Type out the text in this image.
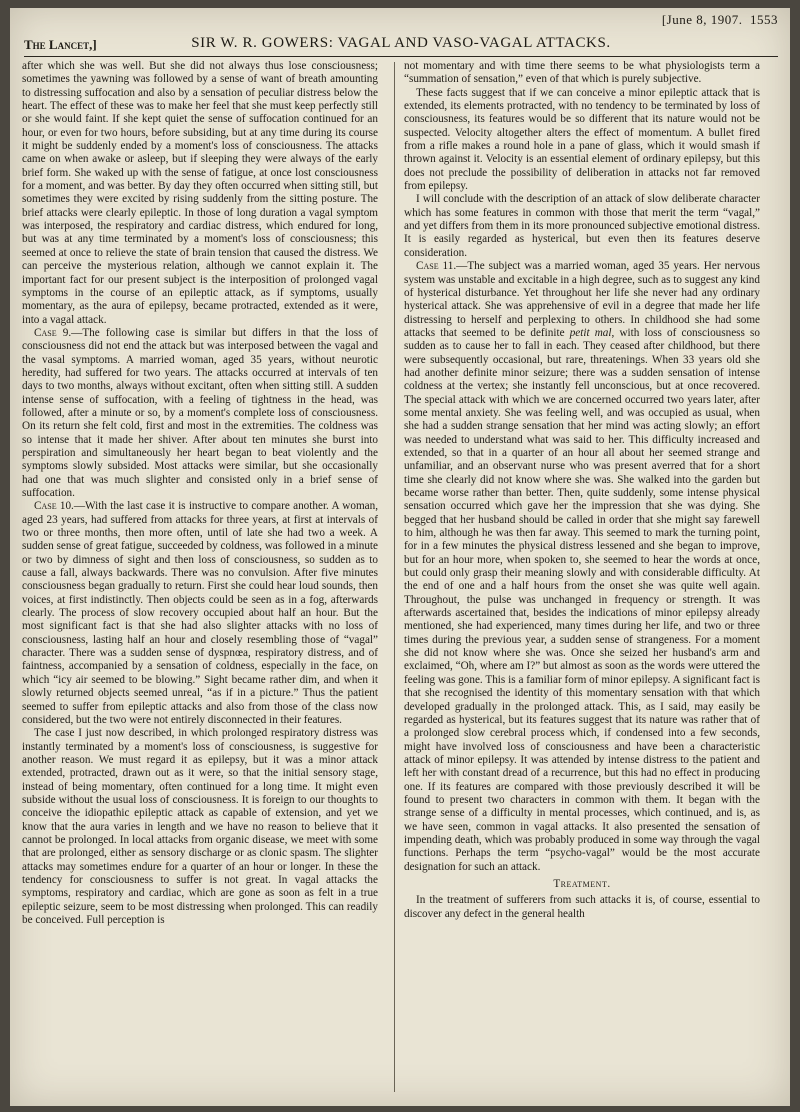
[June 8, 1907. 1553
The Lancet,]	SIR W. R. GOWERS: VAGAL AND VASO-VAGAL ATTACKS.

after which she was well. But she did not always thus lose consciousness; sometimes the yawning was followed by a sense of want of breath amounting to distressing suffocation and also by a sensation of peculiar distress below the heart. The effect of these was to make her feel that she must keep perfectly still or she would faint. If she kept quiet the sense of suffocation continued for an hour, or even for two hours, before subsiding, but at any time during its course it might be suddenly ended by a moment's loss of consciousness. The attacks came on when awake or asleep, but if sleeping they were always of the early brief form. She waked up with the sense of fatigue, at once lost consciousness for a moment, and was better. By day they often occurred when sitting still, but sometimes they were excited by rising suddenly from the sitting posture. The brief attacks were clearly epileptic. In those of long duration a vagal symptom was interposed, the respiratory and cardiac distress, which endured for long, but was at any time terminated by a moment's loss of consciousness; this seemed at once to relieve the state of brain tension that caused the distress. We can perceive the mysterious relation, although we cannot explain it. The important fact for our present subject is the interposition of prolonged vagal symptoms in the course of an epileptic attack, as if symptoms, usually momentary, as the aura of epilepsy, became protracted, extended as it were, into a vagal attack.

Case 9.—The following case is similar but differs in that the loss of consciousness did not end the attack but was interposed between the vagal and the vasal symptoms. A married woman, aged 35 years, without neurotic heredity, had suffered for two years. The attacks occurred at intervals of ten days to two months, always without excitant, often when sitting still. A sudden intense sense of suffocation, with a feeling of tightness in the head, was followed, after a minute or so, by a moment's complete loss of consciousness. On its return she felt cold, first and most in the extremities. The coldness was so intense that it made her shiver. After about ten minutes she burst into perspiration and simultaneously her heart began to beat violently and the symptoms slowly subsided. Most attacks were similar, but she occasionally had one that was much slighter and consisted only in a brief sense of suffocation.

Case 10.—With the last case it is instructive to compare another. A woman, aged 23 years, had suffered from attacks for three years, at first at intervals of two or three months, then more often, until of late she had two a week. A sudden sense of great fatigue, succeeded by coldness, was followed in a minute or two by dimness of sight and then loss of consciousness, so sudden as to cause a fall, always backwards. There was no convulsion. After five minutes consciousness began gradually to return. First she could hear loud sounds, then voices, at first indistinctly. Then objects could be seen as in a fog, afterwards clearly. The process of slow recovery occupied about half an hour. But the most significant fact is that she had also slighter attacks with no loss of consciousness, lasting half an hour and closely resembling those of “vagal” character. There was a sudden sense of dyspnœa, respiratory distress, and of faintness, accompanied by a sensation of coldness, especially in the face, on which “icy air seemed to be blowing.” Sight became rather dim, and when it slowly returned objects seemed unreal, “as if in a picture.” Thus the patient seemed to suffer from epileptic attacks and also from those of the class now considered, but the two were not entirely disconnected in their features.

The case I just now described, in which prolonged respiratory distress was instantly terminated by a moment's loss of consciousness, is suggestive for another reason. We must regard it as epilepsy, but it was a minor attack extended, protracted, drawn out as it were, so that the initial sensory stage, instead of being momentary, often continued for a long time. It might even subside without the usual loss of consciousness. It is foreign to our thoughts to conceive the idiopathic epileptic attack as capable of extension, and yet we know that the aura varies in length and we have no reason to believe that it cannot be prolonged. In local attacks from organic disease, we meet with some that are prolonged, either as sensory discharge or as clonic spasm. The slighter attacks may sometimes endure for a quarter of an hour or longer. In these the tendency for consciousness to suffer is not great. In vagal attacks the symptoms, respiratory and cardiac, which are gone as soon as felt in a true epileptic seizure, seem to be most distressing when prolonged. This can readily be conceived. Full perception is

not momentary and with time there seems to be what physiologists term a “summation of sensation,” even of that which is purely subjective.

These facts suggest that if we can conceive a minor epileptic attack that is extended, its elements protracted, with no tendency to be terminated by loss of consciousness, its features would be so different that its nature would not be suspected. Velocity altogether alters the effect of momentum. A bullet fired from a rifle makes a round hole in a pane of glass, which it would smash if thrown against it. Velocity is an essential element of ordinary epilepsy, but this does not preclude the possibility of deliberation in attacks not far removed from epilepsy.

I will conclude with the description of an attack of slow deliberate character which has some features in common with those that merit the term “vagal,” and yet differs from them in its more pronounced subjective emotional distress. It is easily regarded as hysterical, but even then its features deserve consideration.

Case 11.—The subject was a married woman, aged 35 years. Her nervous system was unstable and excitable in a high degree, such as to suggest any kind of hysterical disturbance. Yet throughout her life she never had any ordinary hysterical attack. She was apprehensive of evil in a degree that made her life distressing to herself and perplexing to others. In childhood she had some attacks that seemed to be definite petit mal, with loss of consciousness so sudden as to cause her to fall in each. They ceased after childhood, but there were subsequently occasional, but rare, threatenings. When 33 years old she had another definite minor seizure; there was a sudden sensation of intense coldness at the vertex; she instantly fell unconscious, but at once recovered. The special attack with which we are concerned occurred two years later, after some mental anxiety. She was feeling well, and was occupied as usual, when she had a sudden strange sensation that her mind was acting slowly; an effort was needed to understand what was said to her. This difficulty increased and extended, so that in a quarter of an hour all about her seemed strange and unfamiliar, and an observant nurse who was present averred that for a short time she clearly did not know where she was. She walked into the garden but became worse rather than better. Then, quite suddenly, some intense physical sensation occurred which gave her the impression that she was dying. She begged that her husband should be called in order that she might say farewell to him, although he was then far away. This seemed to mark the turning point, for in a few minutes the physical distress lessened and she began to improve, but for an hour more, when spoken to, she seemed to hear the words at once, but could only grasp their meaning slowly and with considerable difficulty. At the end of one and a half hours from the onset she was quite well again. Throughout, the pulse was unchanged in frequency or strength. It was afterwards ascertained that, besides the indications of minor epilepsy already mentioned, she had experienced, many times during her life, and two or three times during the previous year, a sudden sense of strangeness. For a moment she did not know where she was. Once she seized her husband's arm and exclaimed, “Oh, where am I?” but almost as soon as the words were uttered the feeling was gone. This is a familiar form of minor epilepsy. A significant fact is that she recognised the identity of this momentary sensation with that which developed gradually in the prolonged attack. This, as I said, may easily be regarded as hysterical, but its features suggest that its nature was rather that of a prolonged slow cerebral process which, if condensed into a few seconds, might have involved loss of consciousness and have been a characteristic attack of minor epilepsy. It was attended by intense distress to the patient and left her with constant dread of a recurrence, but this had no effect in producing one. If its features are compared with those previously described it will be found to present two characters in common with them. It began with the strange sense of a difficulty in mental processes, which continued, and is, as we have seen, common in vagal attacks. It also presented the sensation of impending death, which was probably produced in some way through the vagal functions. Perhaps the term “psycho-vagal” would be the most accurate designation for such an attack.

Treatment.

In the treatment of sufferers from such attacks it is, of course, essential to discover any defect in the general health
